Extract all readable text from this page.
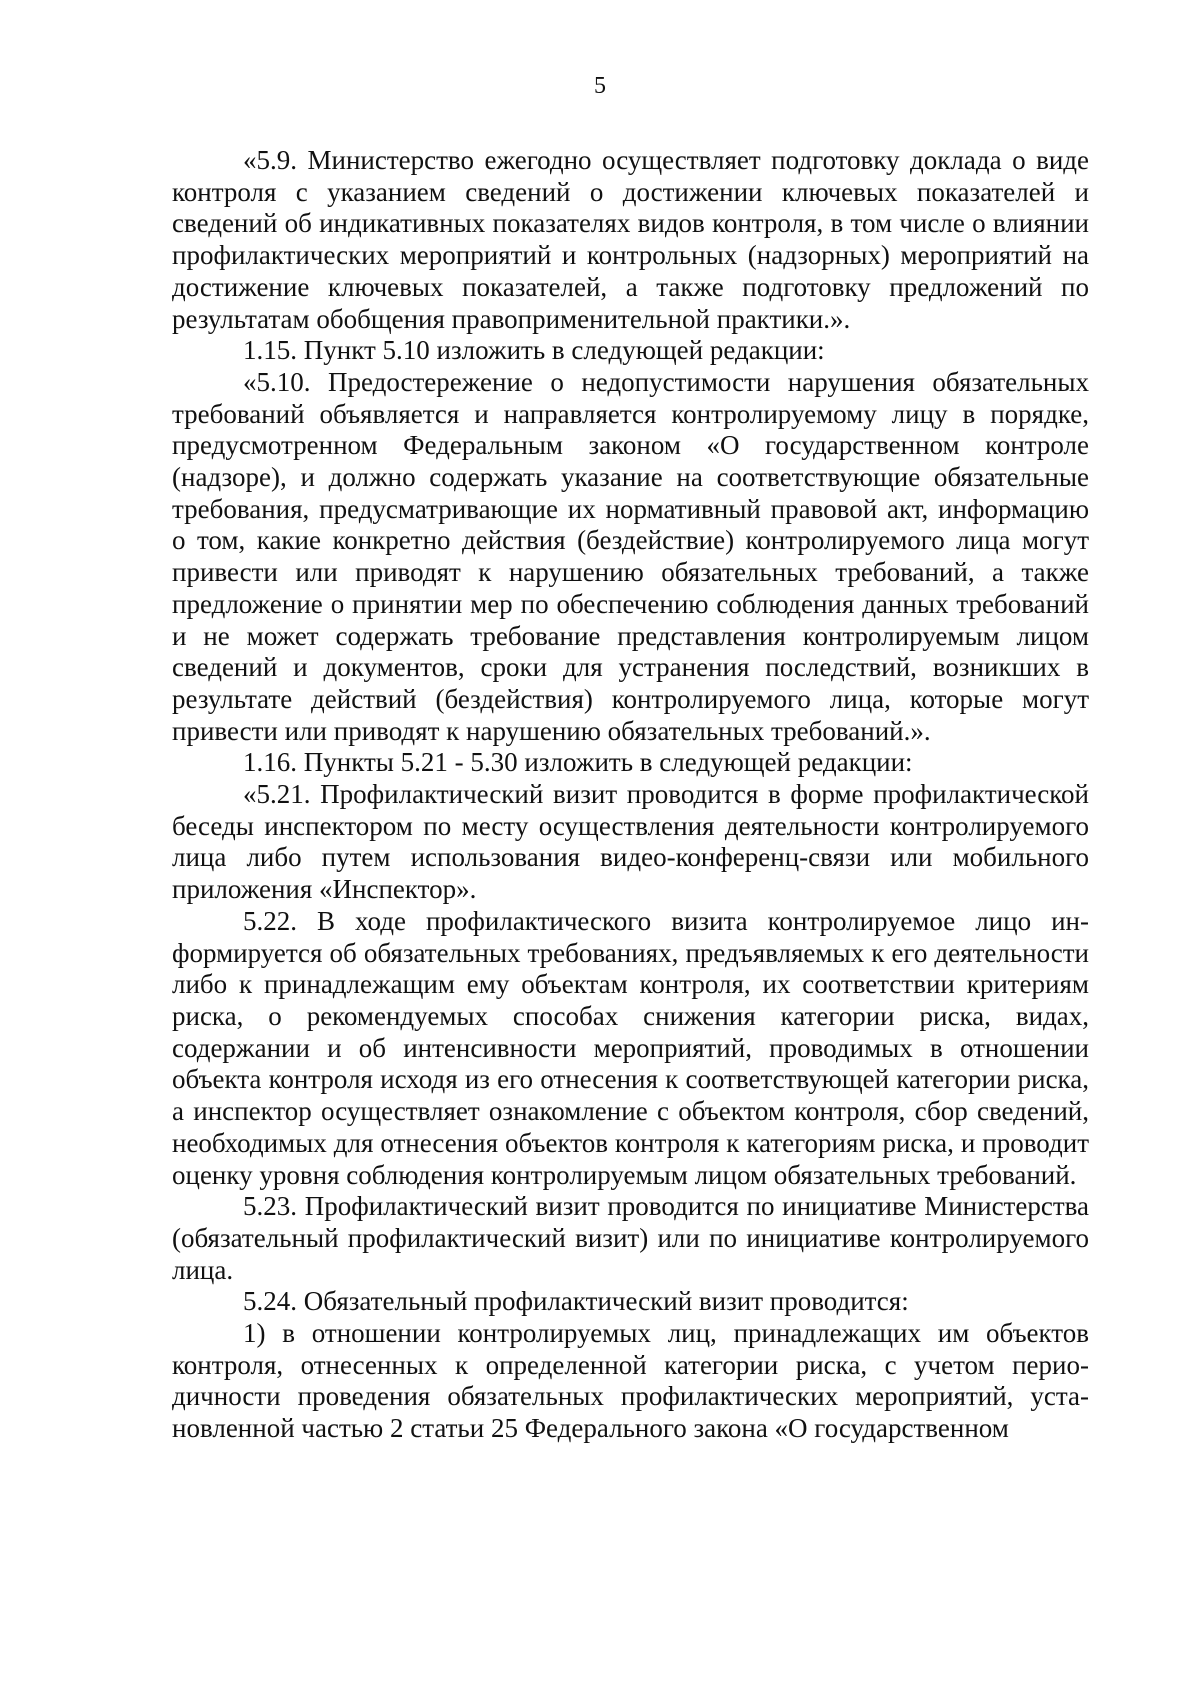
5

«5.9. Министерство ежегодно осуществляет подготовку доклада о виде контроля с указанием сведений о достижении ключевых показателей и сведений об индикативных показателях видов контроля, в том числе о влиянии профилактических мероприятий и контрольных (надзорных) мероприятий на достижение ключевых показателей, а также подготовку предложений по результатам обобщения правоприменительной практики.».

1.15. Пункт 5.10 изложить в следующей редакции:

«5.10. Предостережение о недопустимости нарушения обязательных требований объявляется и направляется контролируемому лицу в порядке, предусмотренном Федеральным законом «О государственном контроле (надзоре), и должно содержать указание на соответствующие обязательные требования, предусматривающие их нормативный правовой акт, информацию о том, какие конкретно действия (бездействие) контролируемого лица могут привести или приводят к нарушению обязательных требований, а также предложение о принятии мер по обеспечению соблюдения данных требований и не может содержать требование представления контролируемым лицом сведений и документов, сроки для устранения последствий, возникших в результате действий (бездействия) контролируемого лица, которые могут привести или приводят к нарушению обязательных требований.».

1.16. Пункты 5.21 - 5.30 изложить в следующей редакции:

«5.21. Профилактический визит проводится в форме профилактической беседы инспектором по месту осуществления деятельности контролируемого лица либо путем использования видео-конференц-связи или мобильного приложения «Инспектор».

5.22. В ходе профилактического визита контролируемое лицо информируется об обязательных требованиях, предъявляемых к его деятельности либо к принадлежащим ему объектам контроля, их соответствии критериям риска, о рекомендуемых способах снижения категории риска, видах, содержании и об интенсивности мероприятий, проводимых в отношении объекта контроля исходя из его отнесения к соответствующей категории риска, а инспектор осуществляет ознакомление с объектом контроля, сбор сведений, необходимых для отнесения объектов контроля к категориям риска, и проводит оценку уровня соблюдения контролируемым лицом обязательных требований.

5.23. Профилактический визит проводится по инициативе Министерства (обязательный профилактический визит) или по инициативе контролируемого лица.

5.24. Обязательный профилактический визит проводится:

1) в отношении контролируемых лиц, принадлежащих им объектов контроля, отнесенных к определенной категории риска, с учетом периодичности проведения обязательных профилактических мероприятий, установленной частью 2 статьи 25 Федерального закона «О государственном
